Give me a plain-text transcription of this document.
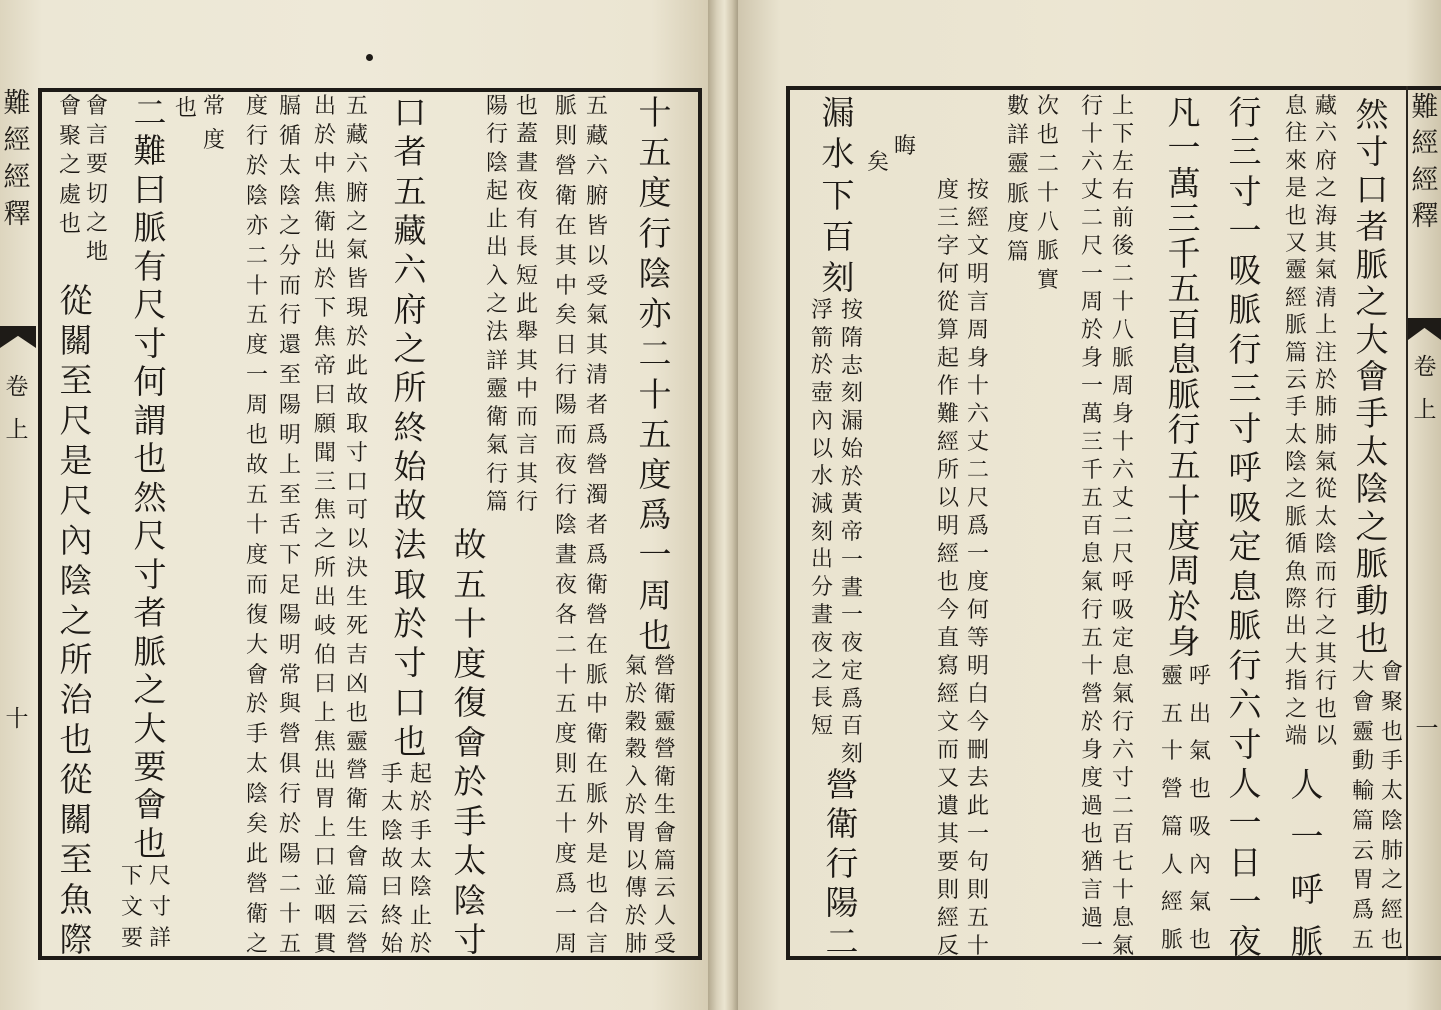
難
經
經
釋
卷
上
十
十
五
度
行
陰
亦
二
十
五
度
爲
一
周
也
營
衛
靈
營
衛
生
會
篇
云
人
受
氣
於
穀
穀
入
於
胃
以
傳
於
肺
五
藏
六
腑
皆
以
受
氣
其
清
者
爲
營
濁
者
爲
衛
營
在
脈
中
衛
在
脈
外
是
也
合
言
脈
則
營
衛
在
其
中
矣
日
行
陽
而
夜
行
陰
晝
夜
各
二
十
五
度
則
五
十
度
爲
一
周
也
蓋
晝
夜
有
長
短
此
舉
其
中
而
言
其
行
陽
行
陰
起
止
出
入
之
法
詳
靈
衛
氣
行
篇
故
五
十
度
復
會
於
手
太
陰
寸
口
者
五
藏
六
府
之
所
終
始
故
法
取
於
寸
口
也
起
於
手
太
陰
止
於
手
太
陰
故
曰
終
始
五
藏
六
腑
之
氣
皆
現
於
此
故
取
寸
口
可
以
決
生
死
吉
凶
也
靈
營
衛
生
會
篇
云
營
出
於
中
焦
衛
出
於
下
焦
帝
曰
願
聞
三
焦
之
所
出
岐
伯
曰
上
焦
出
胃
上
口
並
咽
貫
膈
循
太
陰
之
分
而
行
還
至
陽
明
上
至
舌
下
足
陽
明
常
與
營
俱
行
於
陽
二
十
五
度
行
於
陰
亦
二
十
五
度
一
周
也
故
五
十
度
而
復
大
會
於
手
太
陰
矣
此
營
衛
之
常
度
也
二
難
曰
脈
有
尺
寸
何
謂
也
然
尺
寸
者
脈
之
大
要
會
也
尺
寸
詳
下
文
要
會
言
要
切
之
地
會
聚
之
處
也
從
關
至
尺
是
尺
內
陰
之
所
治
也
從
關
至
魚
際
難
經
經
釋
卷
上
一
然
寸
口
者
脈
之
大
會
手
太
陰
之
脈
動
也
會
聚
也
手
太
陰
肺
之
經
也
大
會
靈
動
輸
篇
云
胃
爲
五
藏
六
府
之
海
其
氣
清
上
注
於
肺
肺
氣
從
太
陰
而
行
之
其
行
也
以
息
往
來
是
也
又
靈
經
脈
篇
云
手
太
陰
之
脈
循
魚
際
出
大
指
之
端
人
一
呼
脈
行
三
寸
一
吸
脈
行
三
寸
呼
吸
定
息
脈
行
六
寸
人
一
日
一
夜
凡
一
萬
三
千
五
百
息
脈
行
五
十
度
周
於
身
呼
出
氣
也
吸
內
氣
也
靈
五
十
營
篇
人
經
脈
上
下
左
右
前
後
二
十
八
脈
周
身
十
六
丈
二
尺
呼
吸
定
息
氣
行
六
寸
二
百
七
十
息
氣
行
十
六
丈
二
尺
一
周
於
身
一
萬
三
千
五
百
息
氣
行
五
十
營
於
身
度
過
也
猶
言
過
一
次
也
二
十
八
脈
實
數
詳
靈
脈
度
篇
按
經
文
明
言
周
身
十
六
丈
二
尺
爲
一
度
何
等
明
白
今
刪
去
此
一
句
則
五
十
度
三
字
何
從
算
起
作
難
經
所
以
明
經
也
今
直
寫
經
文
而
又
遺
其
要
則
經
反
晦
矣
漏
水
下
百
刻
按
隋
志
刻
漏
始
於
黃
帝
一
晝
一
夜
定
爲
百
刻
浮
箭
於
壺
內
以
水
減
刻
出
分
晝
夜
之
長
短
營
衛
行
陽
二
